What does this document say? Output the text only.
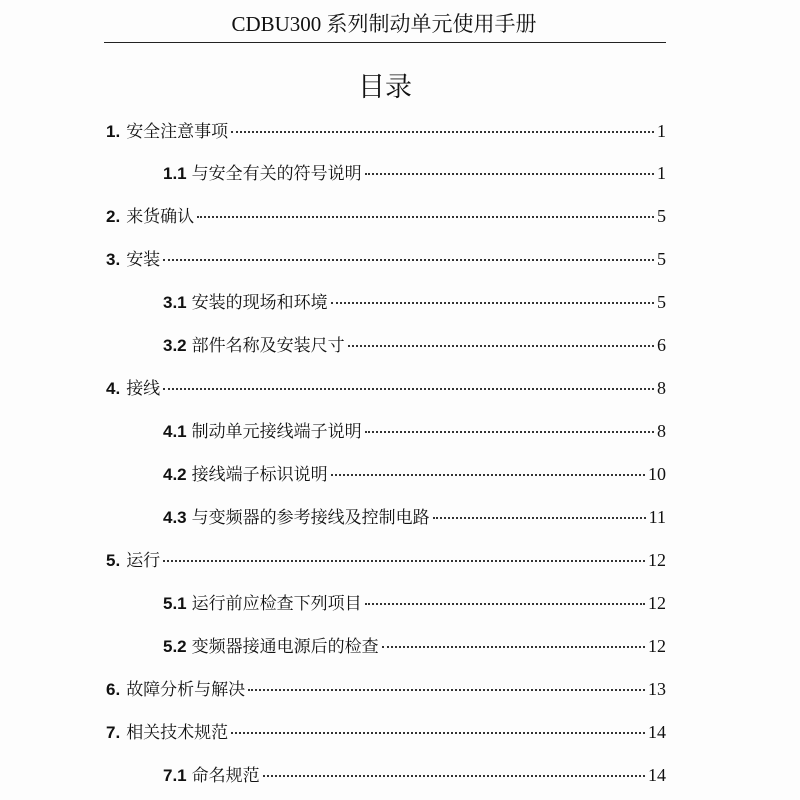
CDBU300 系列制动单元使用手册
目录
1. 安全注意事项	1
1.1 与安全有关的符号说明	1
2. 来货确认	5
3. 安装	5
3.1 安装的现场和环境	5
3.2 部件名称及安装尺寸	6
4. 接线	8
4.1 制动单元接线端子说明	8
4.2 接线端子标识说明	10
4.3 与变频器的参考接线及控制电路	11
5. 运行	12
5.1 运行前应检查下列项目	12
5.2 变频器接通电源后的检查	12
6. 故障分析与解决	13
7. 相关技术规范	14
7.1 命名规范	14
